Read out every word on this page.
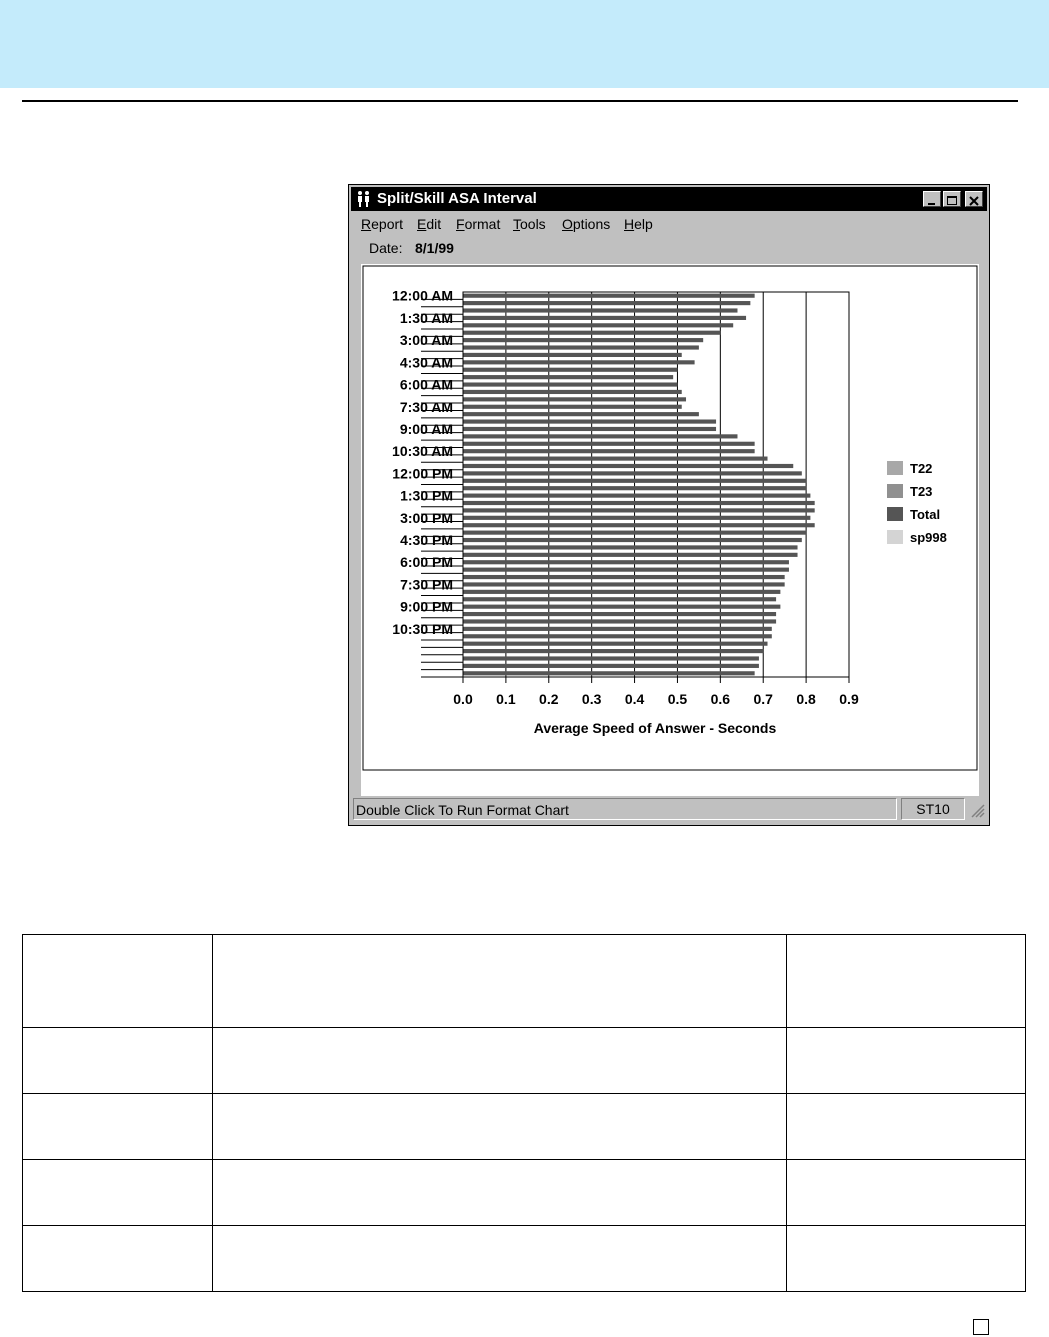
Split/Skill ASA Interval
Report Edit Format Tools Options Help
Date: 8/1/99
0.0 0.1 0.2 0.3 0.4 0.5 0.6 0.7 0.8 0.9
12:00 AM
1:30 AM
3:00 AM
4:30 AM
6:00 AM
7:30 AM
9:00 AM
10:30 AM
12:00 PM
1:30 PM
3:00 PM
4:30 PM
6:00 PM
7:30 PM
9:00 PM
10:30 PM
Average Speed of Answer - Seconds
T22
T23
Total
sp998
Double Click To Run Format Chart	ST10
